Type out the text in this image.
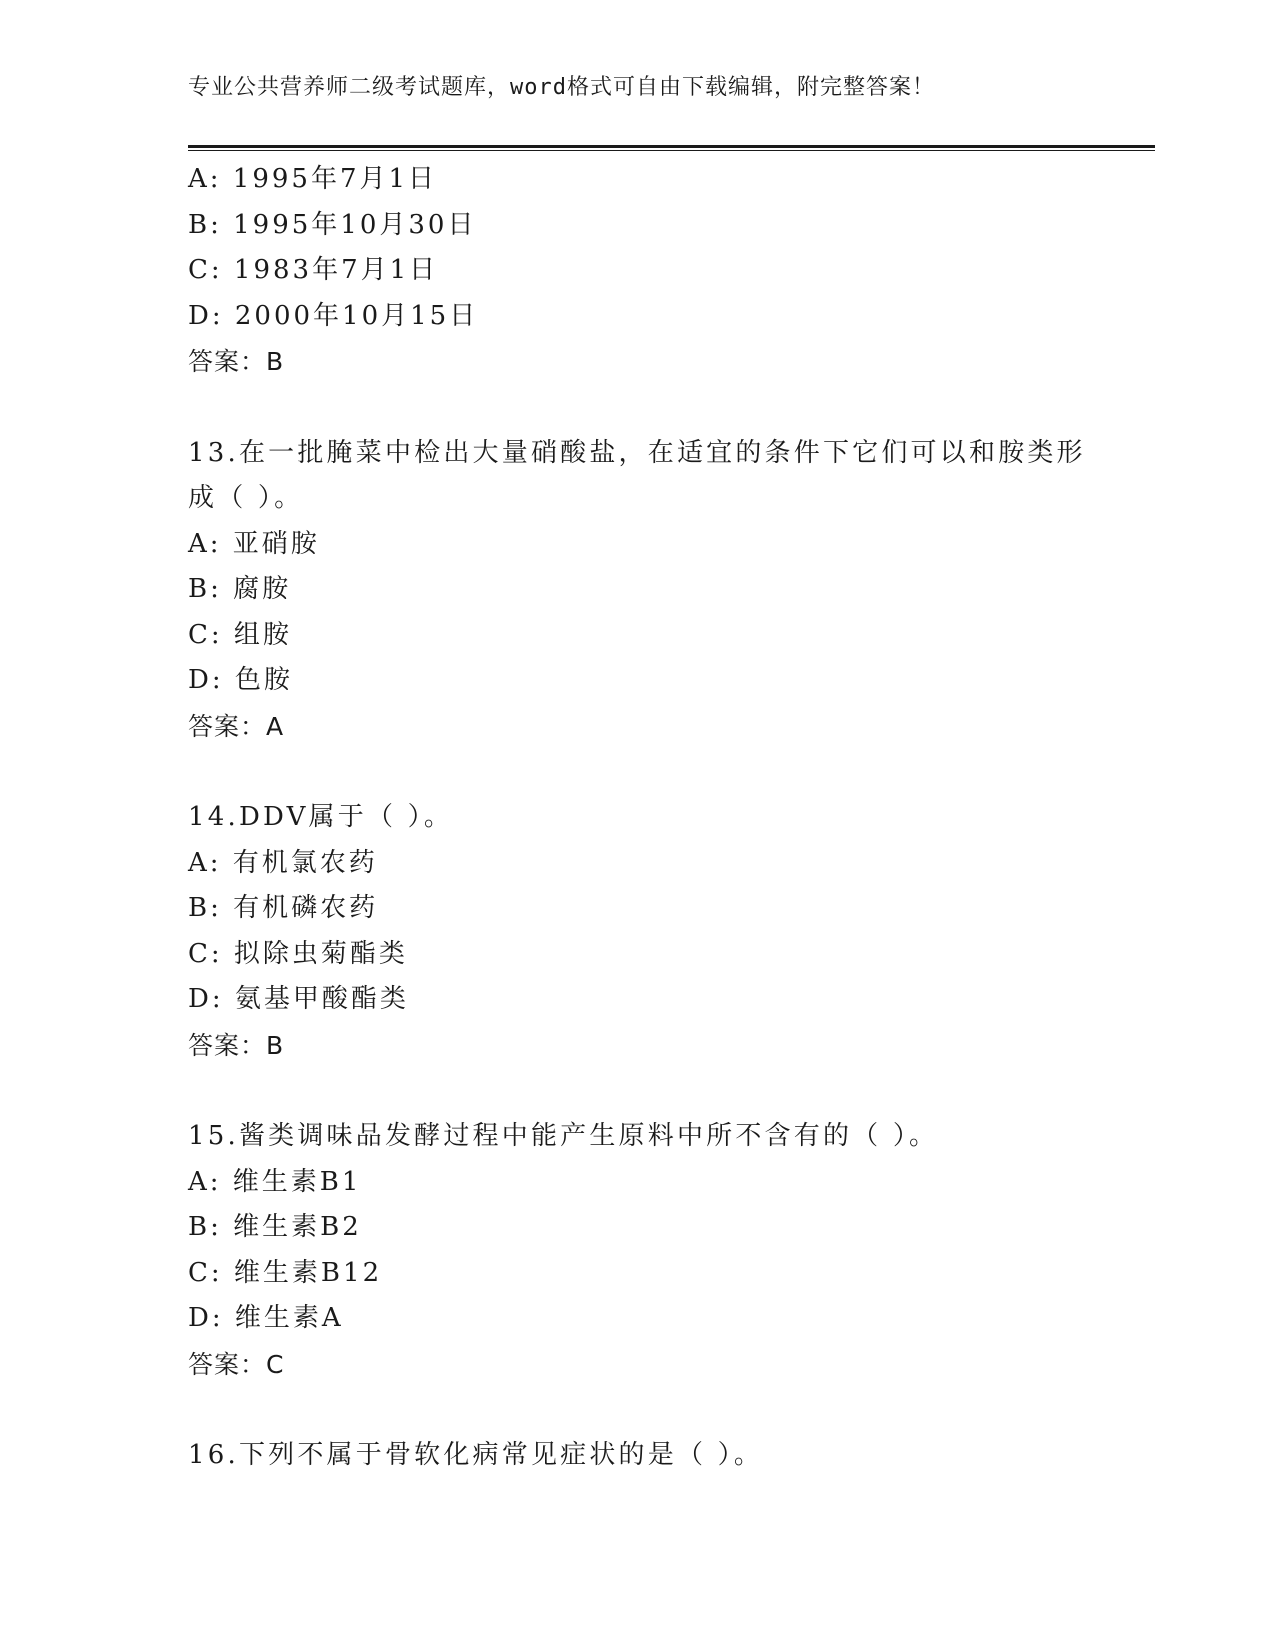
专业公共营养师二级考试题库，word格式可自由下载编辑，附完整答案！
A: 1995年7月1日
B: 1995年10月30日
C: 1983年7月1日
D: 2000年10月15日
答案：B
13.在一批腌菜中检出大量硝酸盐，在适宜的条件下它们可以和胺类形
成（ ）。
A: 亚硝胺
B: 腐胺
C: 组胺
D: 色胺
答案：A
14.DDV属于（ ）。
A: 有机氯农药
B: 有机磷农药
C: 拟除虫菊酯类
D: 氨基甲酸酯类
答案：B
15.酱类调味品发酵过程中能产生原料中所不含有的（ ）。
A: 维生素B1
B: 维生素B2
C: 维生素B12
D: 维生素A
答案：C
16.下列不属于骨软化病常见症状的是（ ）。
